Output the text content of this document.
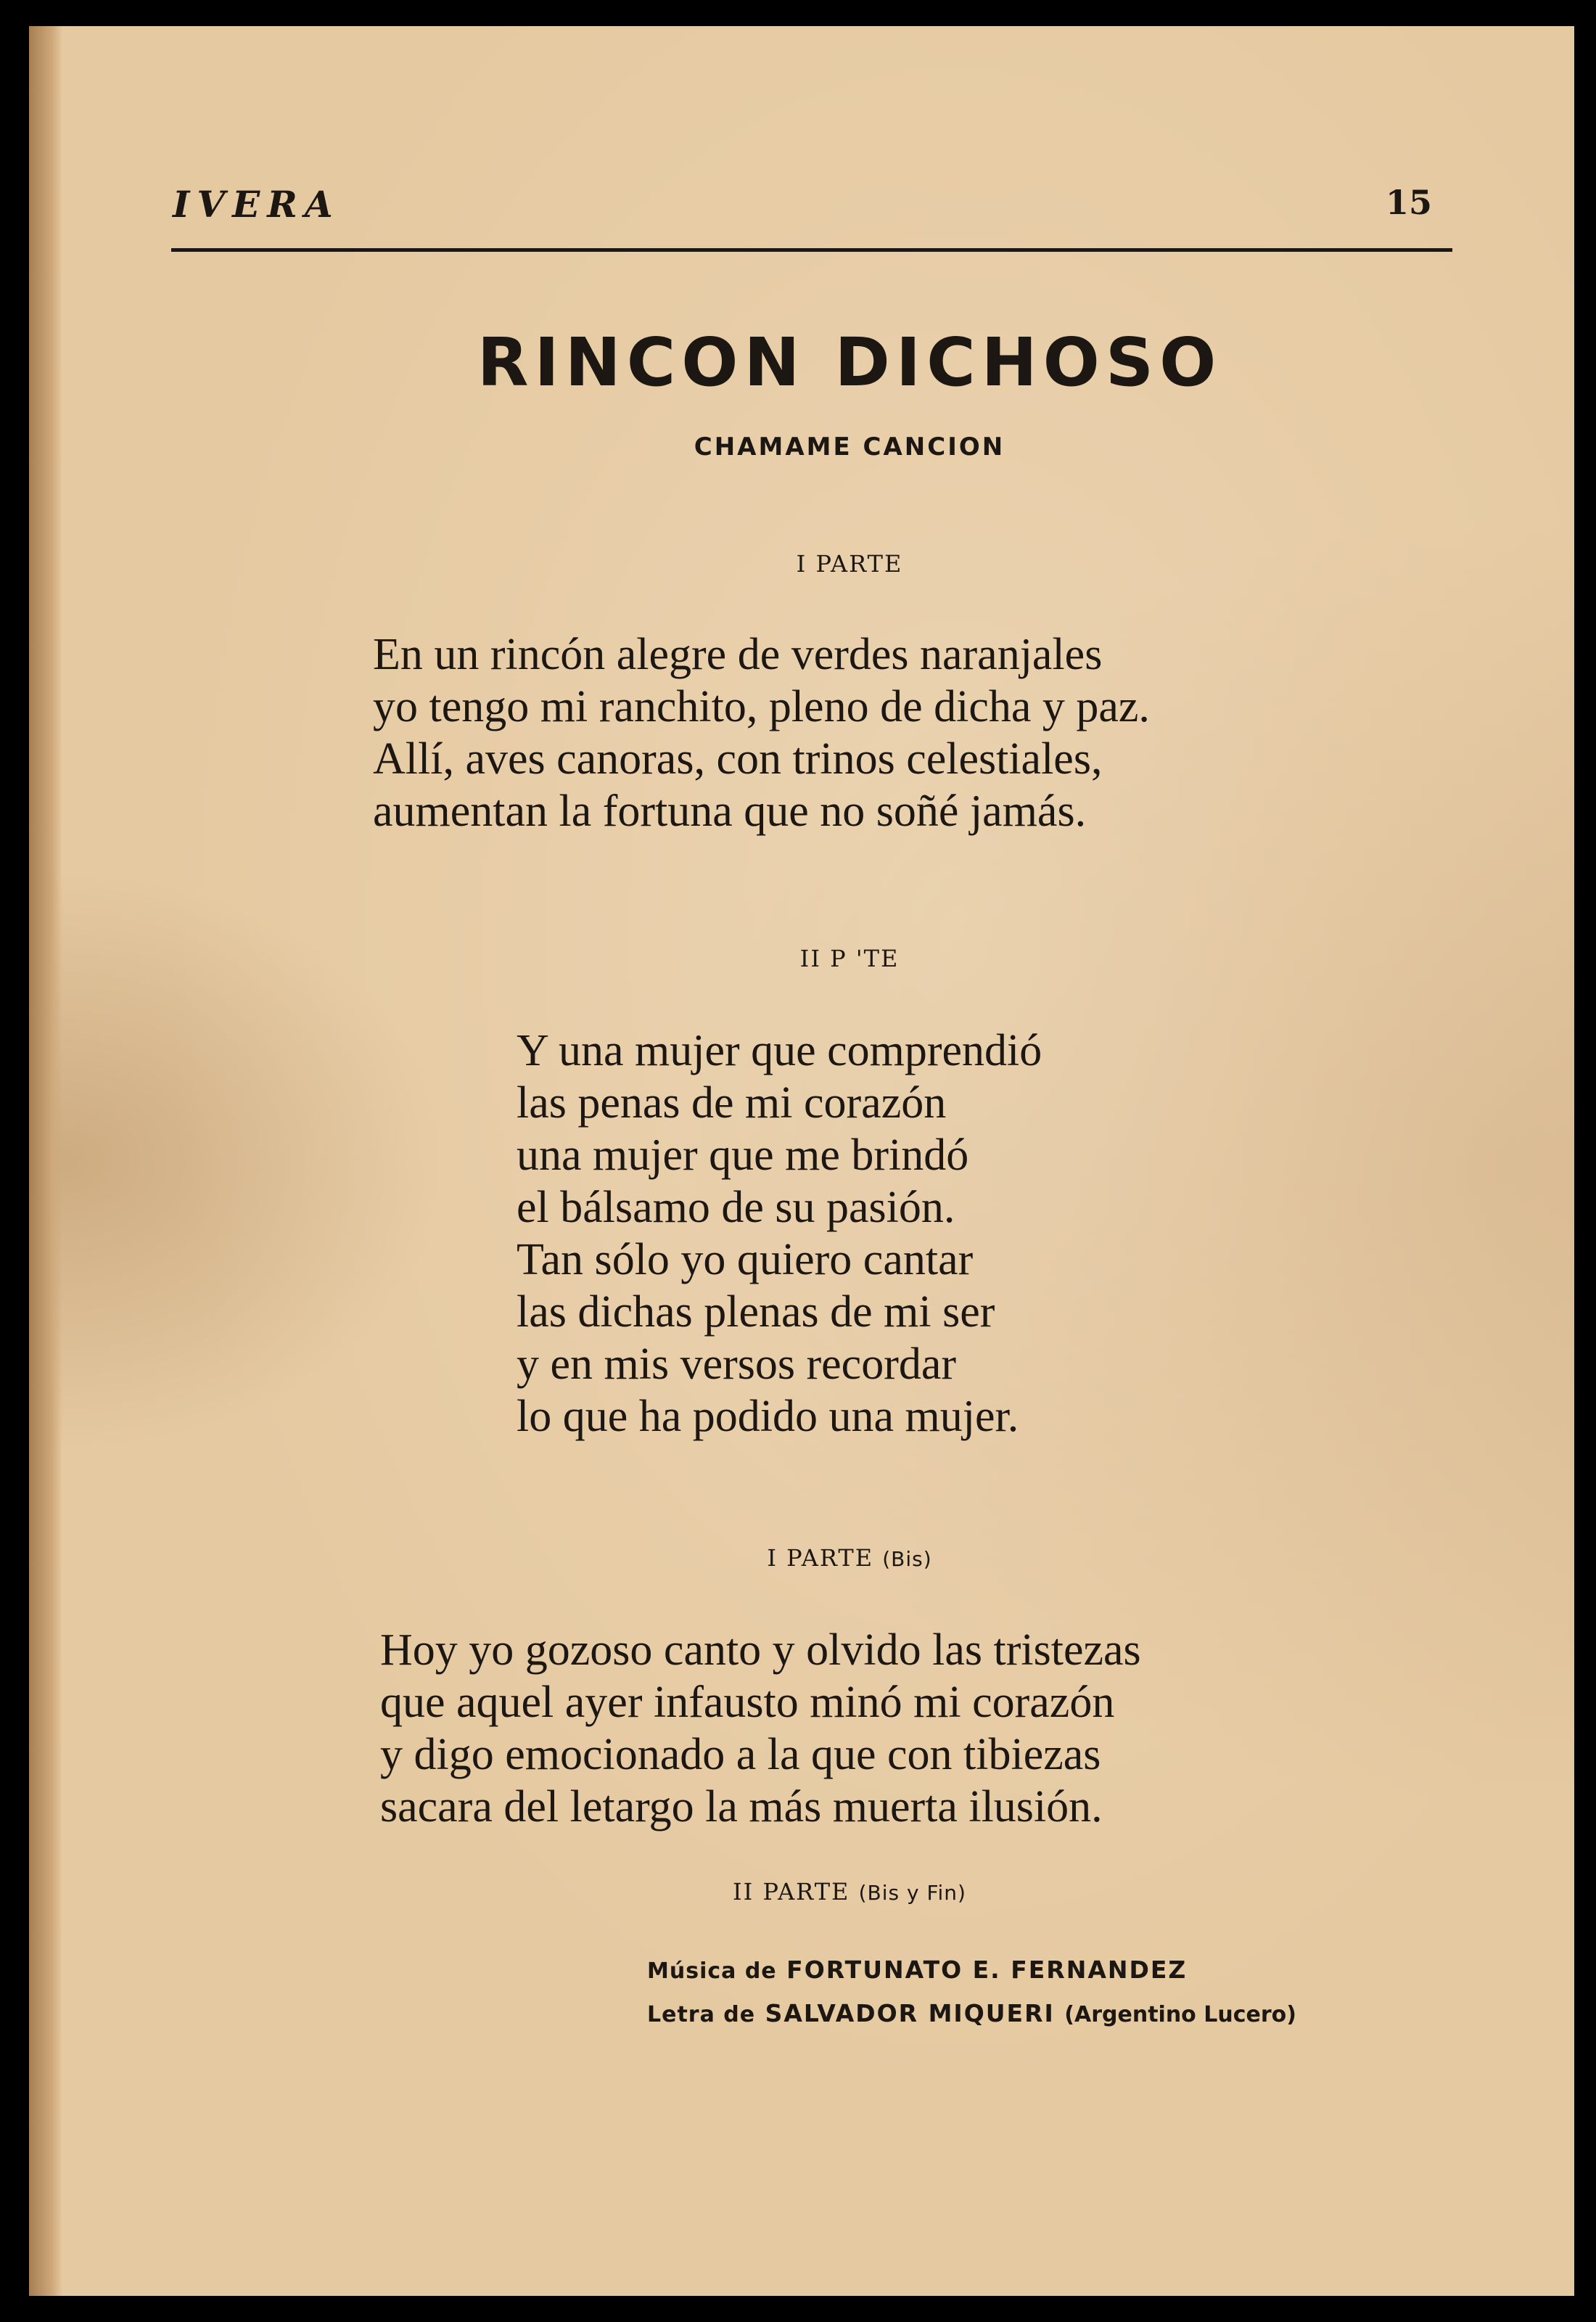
IVERA	15
RINCON DICHOSO
CHAMAME CANCION
I PARTE
En un rincón alegre de verdes naranjales
yo tengo mi ranchito, pleno de dicha y paz.
Allí, aves canoras, con trinos celestiales,
aumentan la fortuna que no soñé jamás.
II P 'TE
Y una mujer que comprendió
las penas de mi corazón
una mujer que me brindó
el bálsamo de su pasión.
Tan sólo yo quiero cantar
las dichas plenas de mi ser
y en mis versos recordar
lo que ha podido una mujer.
I PARTE (Bis)
Hoy yo gozoso canto y olvido las tristezas
que aquel ayer infausto minó mi corazón
y digo emocionado a la que con tibiezas
sacara del letargo la más muerta ilusión.
II PARTE (Bis y Fin)
Música de FORTUNATO E. FERNANDEZ
Letra de SALVADOR MIQUERI (Argentino Lucero)
